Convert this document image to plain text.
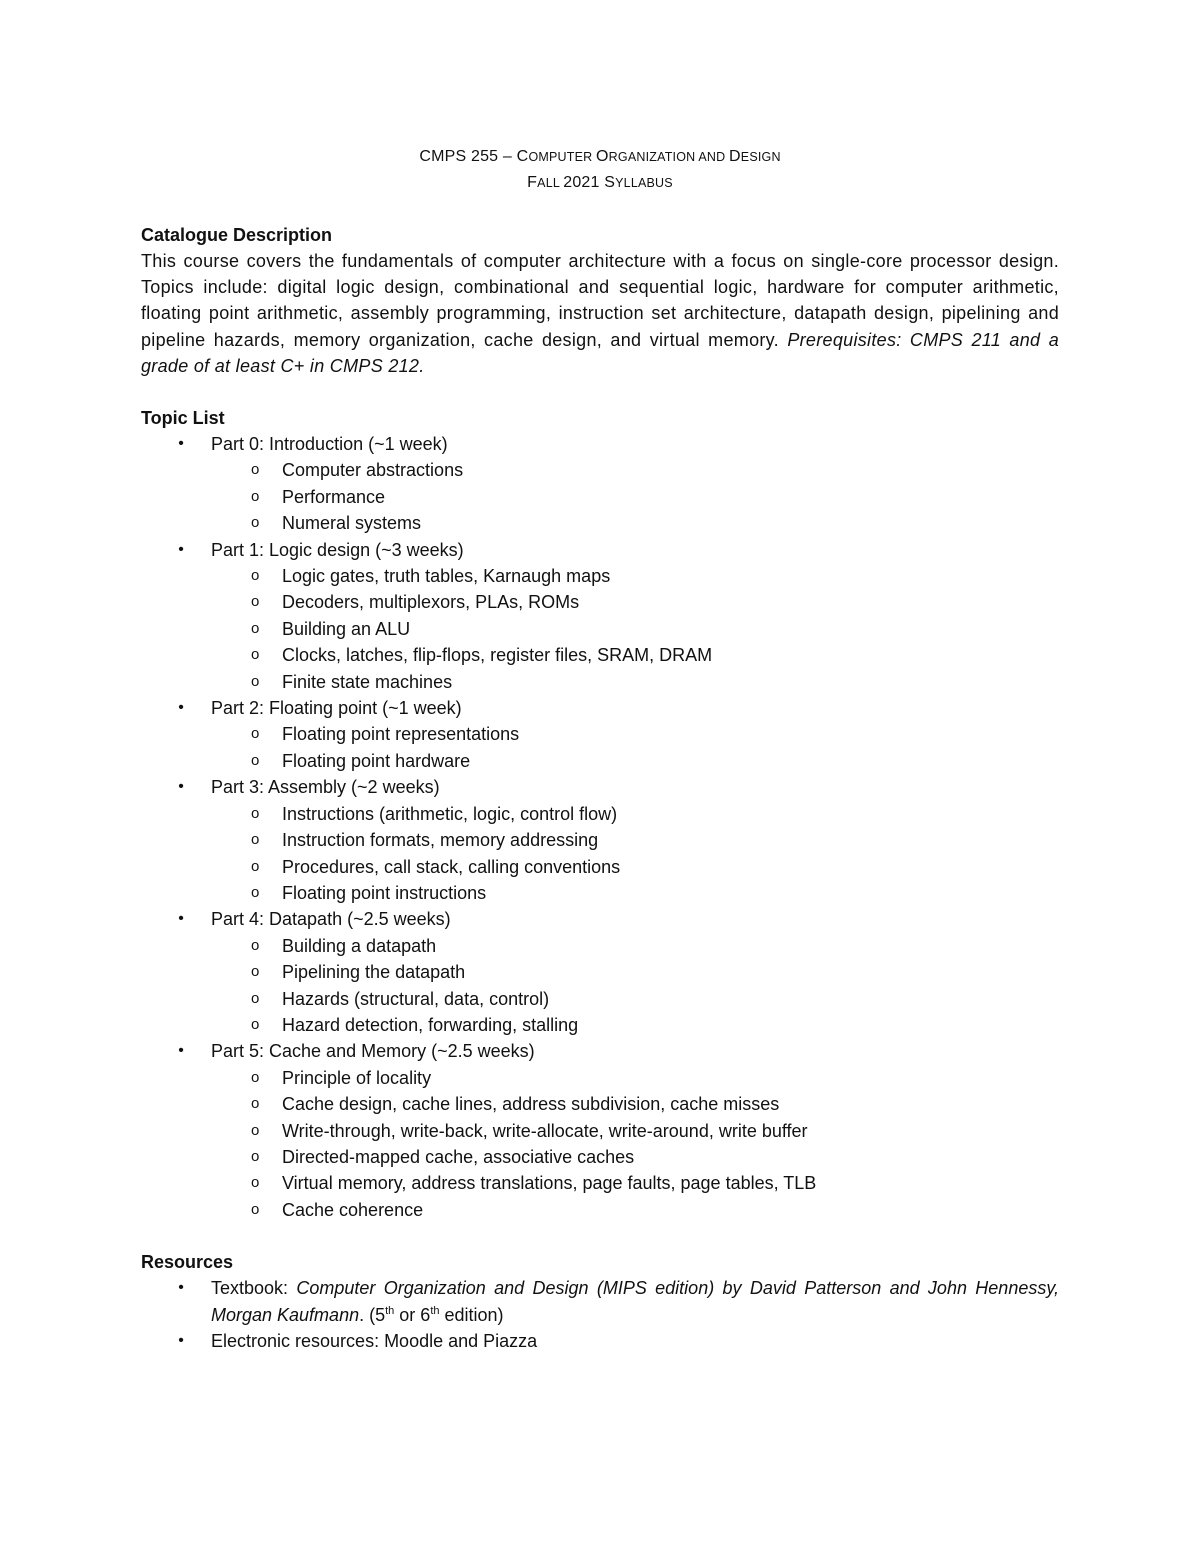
CMPS 255 – COMPUTER ORGANIZATION AND DESIGN
FALL 2021 SYLLABUS
Catalogue Description
This course covers the fundamentals of computer architecture with a focus on single-core processor design. Topics include: digital logic design, combinational and sequential logic, hardware for computer arithmetic, floating point arithmetic, assembly programming, instruction set architecture, datapath design, pipelining and pipeline hazards, memory organization, cache design, and virtual memory. Prerequisites: CMPS 211 and a grade of at least C+ in CMPS 212.
Topic List
•	Part 0: Introduction (~1 week)
o Computer abstractions
o Performance
o Numeral systems
•	Part 1: Logic design (~3 weeks)
o Logic gates, truth tables, Karnaugh maps
o Decoders, multiplexors, PLAs, ROMs
o Building an ALU
o Clocks, latches, flip-flops, register files, SRAM, DRAM
o Finite state machines
•	Part 2: Floating point (~1 week)
o Floating point representations
o Floating point hardware
•	Part 3: Assembly (~2 weeks)
o Instructions (arithmetic, logic, control flow)
o Instruction formats, memory addressing
o Procedures, call stack, calling conventions
o Floating point instructions
•	Part 4: Datapath (~2.5 weeks)
o Building a datapath
o Pipelining the datapath
o Hazards (structural, data, control)
o Hazard detection, forwarding, stalling
•	Part 5: Cache and Memory (~2.5 weeks)
o Principle of locality
o Cache design, cache lines, address subdivision, cache misses
o Write-through, write-back, write-allocate, write-around, write buffer
o Directed-mapped cache, associative caches
o Virtual memory, address translations, page faults, page tables, TLB
o Cache coherence
Resources
•	Textbook: Computer Organization and Design (MIPS edition) by David Patterson and John Hennessy, Morgan Kaufmann. (5th or 6th edition)
•	Electronic resources: Moodle and Piazza
